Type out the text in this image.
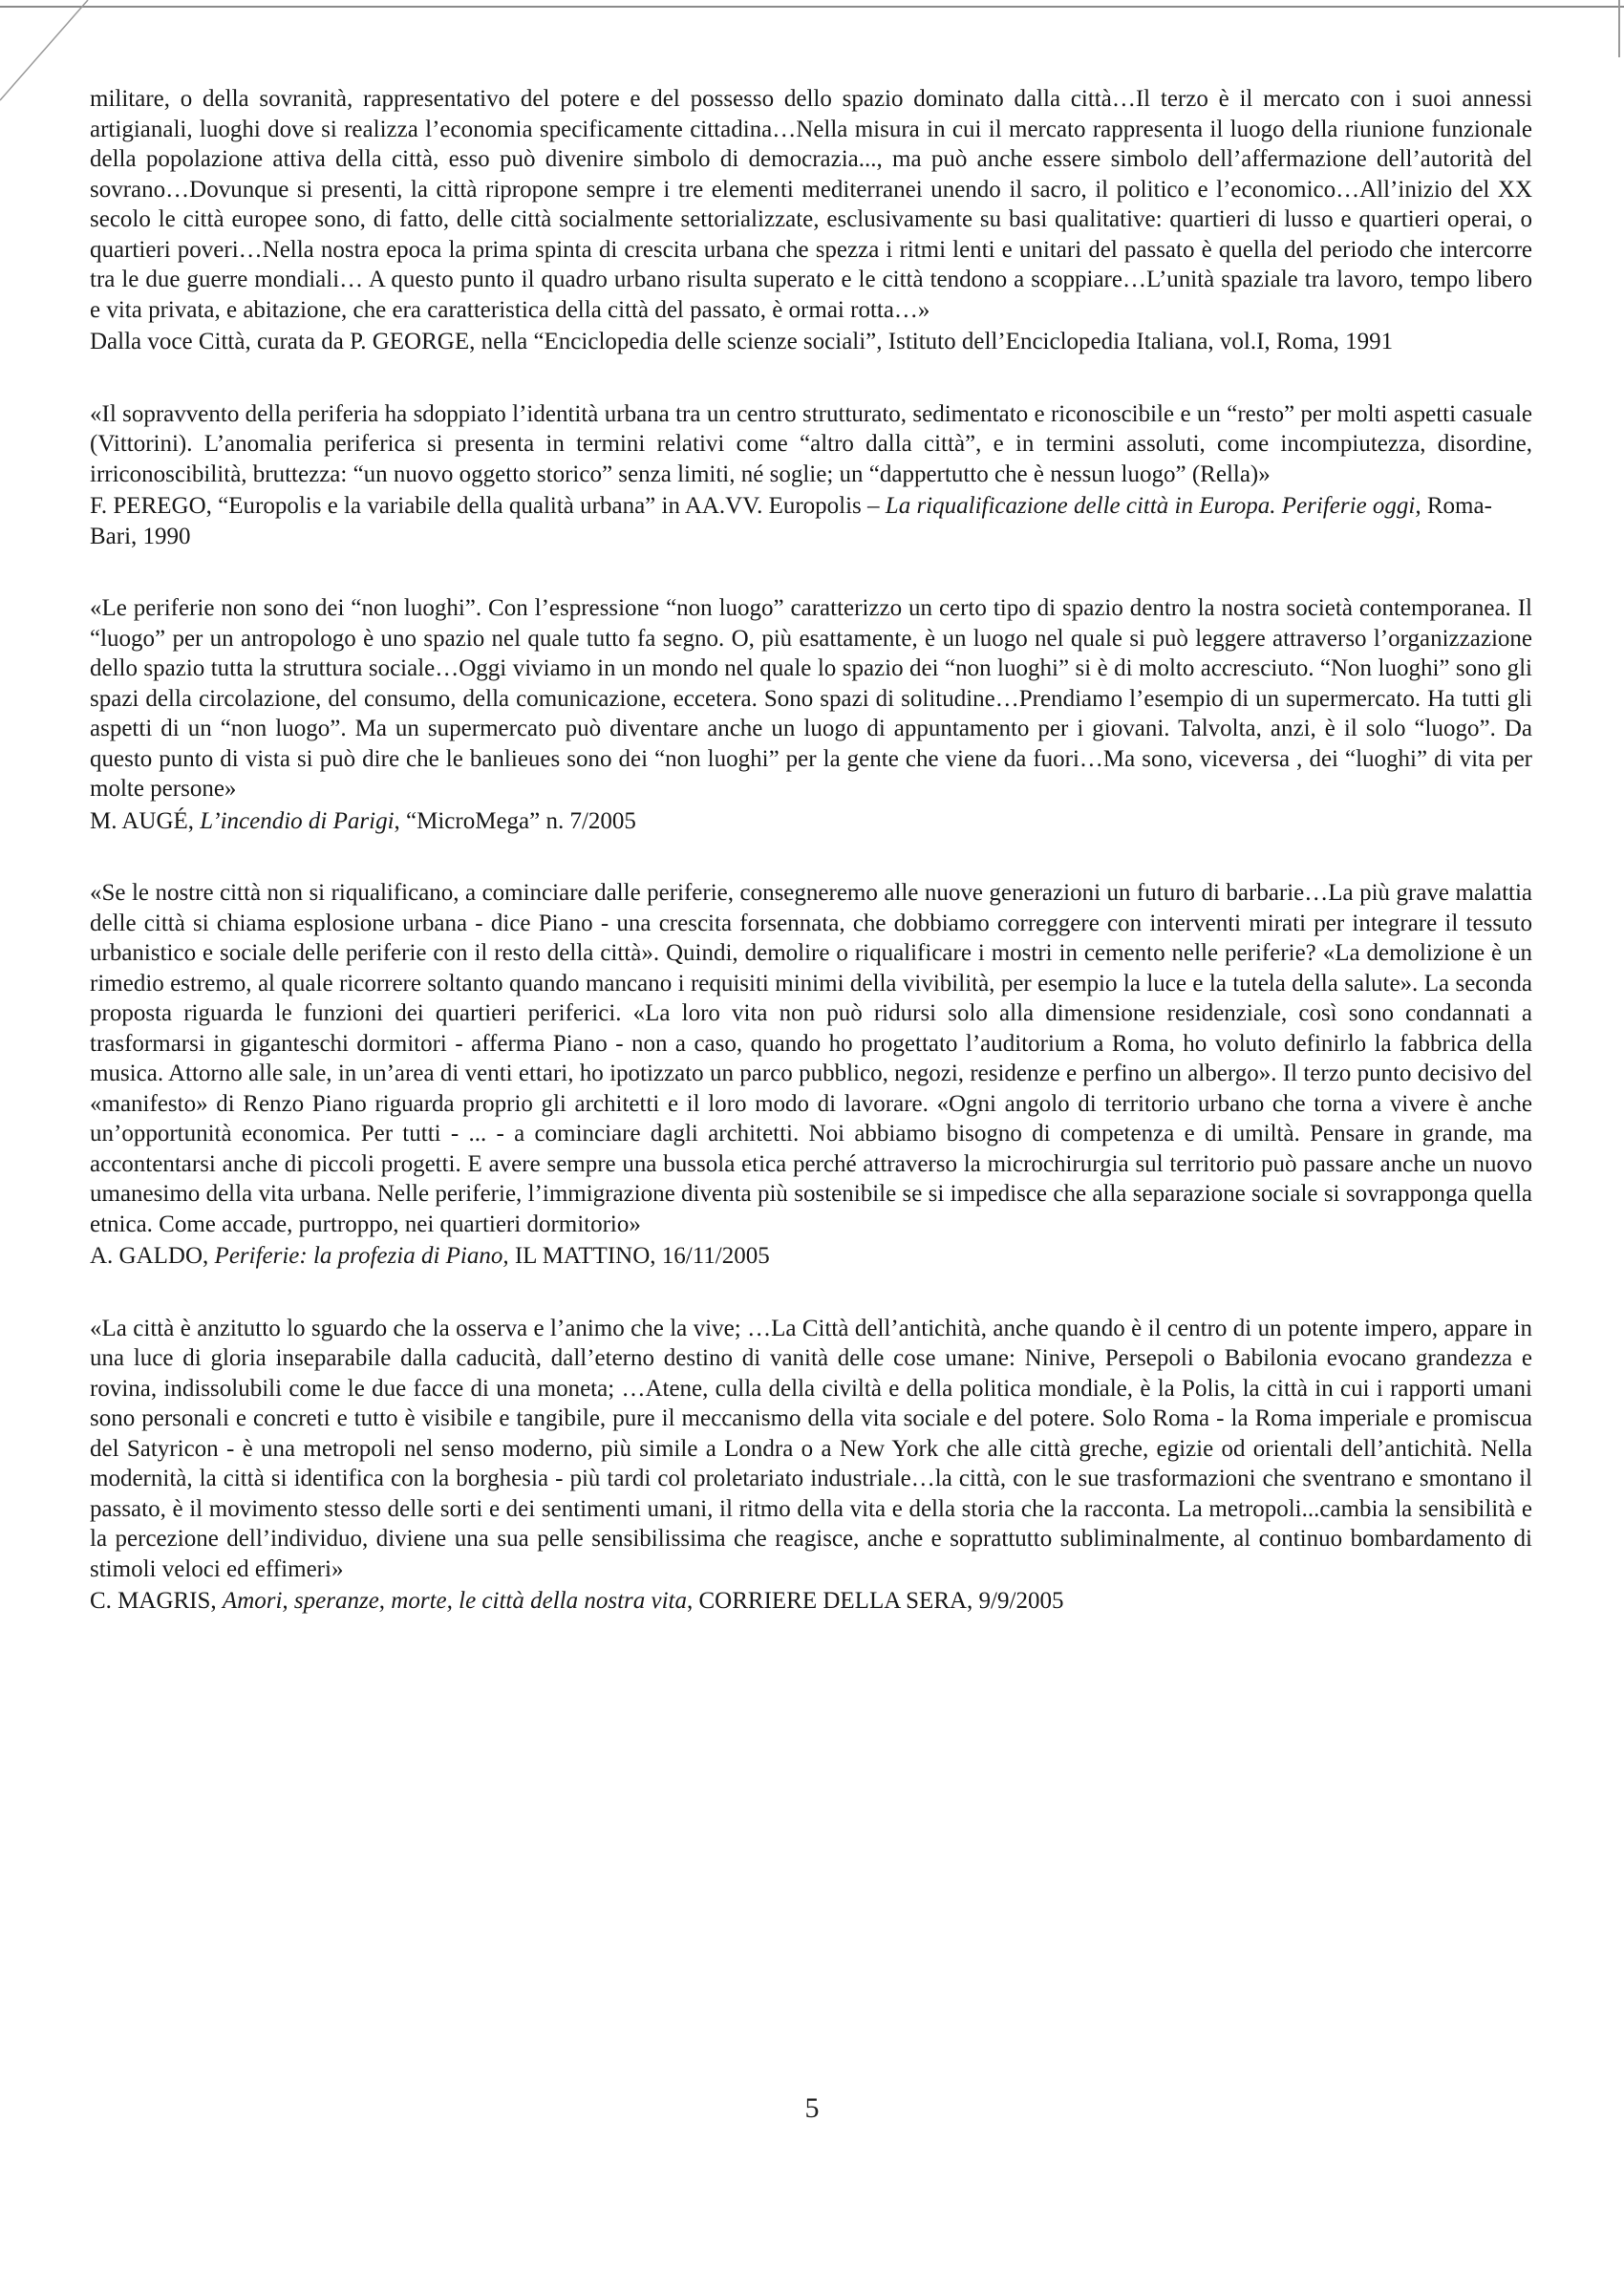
militare, o della sovranità, rappresentativo del potere e del possesso dello spazio dominato dalla città…Il terzo è il mercato con i suoi annessi artigianali, luoghi dove si realizza l’economia specificamente cittadina…Nella misura in cui il mercato rappresenta il luogo della riunione funzionale della popolazione attiva della città, esso può divenire simbolo di democrazia..., ma può anche essere simbolo dell’affermazione dell’autorità del sovrano…Dovunque si presenti, la città ripropone sempre i tre elementi mediterranei unendo il sacro, il politico e l’economico…All’inizio del XX secolo le città europee sono, di fatto, delle città socialmente settorializzate, esclusivamente su basi qualitative: quartieri di lusso e quartieri operai, o quartieri poveri…Nella nostra epoca la prima spinta di crescita urbana che spezza i ritmi lenti e unitari del passato è quella del periodo che intercorre tra le due guerre mondiali… A questo punto il quadro urbano risulta superato e le città tendono a scoppiare…L’unità spaziale tra lavoro, tempo libero e vita privata, e abitazione, che era caratteristica della città del passato, è ormai rotta…»

Dalla voce Città, curata da P. GEORGE, nella “Enciclopedia delle scienze sociali”, Istituto dell’Enciclopedia Italiana, vol.I, Roma, 1991

«Il sopravvento della periferia ha sdoppiato l’identità urbana tra un centro strutturato, sedimentato e riconoscibile e un “resto” per molti aspetti casuale (Vittorini). L’anomalia periferica si presenta in termini relativi come “altro dalla città”, e in termini assoluti, come incompiutezza, disordine, irriconoscibilità, bruttezza: “un nuovo oggetto storico” senza limiti, né soglie; un “dappertutto che è nessun luogo” (Rella)»

F. PEREGO, “Europolis e la variabile della qualità urbana” in AA.VV. Europolis – La riqualificazione delle città in Europa. Periferie oggi, Roma-Bari, 1990

«Le periferie non sono dei “non luoghi”. Con l’espressione “non luogo” caratterizzo un certo tipo di spazio dentro la nostra società contemporanea. Il “luogo” per un antropologo è uno spazio nel quale tutto fa segno. O, più esattamente, è un luogo nel quale si può leggere attraverso l’organizzazione dello spazio tutta la struttura sociale…Oggi viviamo in un mondo nel quale lo spazio dei “non luoghi” si è di molto accresciuto. “Non luoghi” sono gli spazi della circolazione, del consumo, della comunicazione, eccetera. Sono spazi di solitudine…Prendiamo l’esempio di un supermercato. Ha tutti gli aspetti di un “non luogo”. Ma un supermercato può diventare anche un luogo di appuntamento per i giovani. Talvolta, anzi, è il solo “luogo”. Da questo punto di vista si può dire che le banlieues sono dei “non luoghi” per la gente che viene da fuori…Ma sono, viceversa , dei “luoghi” di vita per molte persone»

M. AUGÉ, L’incendio di Parigi, “MicroMega” n. 7/2005

«Se le nostre città non si riqualificano, a cominciare dalle periferie, consegneremo alle nuove generazioni un futuro di barbarie…La più grave malattia delle città si chiama esplosione urbana - dice Piano - una crescita forsennata, che dobbiamo correggere con interventi mirati per integrare il tessuto urbanistico e sociale delle periferie con il resto della città». Quindi, demolire o riqualificare i mostri in cemento nelle periferie? «La demolizione è un rimedio estremo, al quale ricorrere soltanto quando mancano i requisiti minimi della vivibilità, per esempio la luce e la tutela della salute». La seconda proposta riguarda le funzioni dei quartieri periferici. «La loro vita non può ridursi solo alla dimensione residenziale, così sono condannati a trasformarsi in giganteschi dormitori - afferma Piano - non a caso, quando ho progettato l’auditorium a Roma, ho voluto definirlo la fabbrica della musica. Attorno alle sale, in un’area di venti ettari, ho ipotizzato un parco pubblico, negozi, residenze e perfino un albergo». Il terzo punto decisivo del «manifesto» di Renzo Piano riguarda proprio gli architetti e il loro modo di lavorare. «Ogni angolo di territorio urbano che torna a vivere è anche un’opportunità economica. Per tutti - ... - a cominciare dagli architetti. Noi abbiamo bisogno di competenza e di umiltà. Pensare in grande, ma accontentarsi anche di piccoli progetti. E avere sempre una bussola etica perché attraverso la microchirurgia sul territorio può passare anche un nuovo umanesimo della vita urbana. Nelle periferie, l’immigrazione diventa più sostenibile se si impedisce che alla separazione sociale si sovrapponga quella etnica. Come accade, purtroppo, nei quartieri dormitorio»

A. GALDO, Periferie: la profezia di Piano, IL MATTINO, 16/11/2005

«La città è anzitutto lo sguardo che la osserva e l’animo che la vive; …La Città dell’antichità, anche quando è il centro di un potente impero, appare in una luce di gloria inseparabile dalla caducità, dall’eterno destino di vanità delle cose umane: Ninive, Persepoli o Babilonia evocano grandezza e rovina, indissolubili come le due facce di una moneta; …Atene, culla della civiltà e della politica mondiale, è la Polis, la città in cui i rapporti umani sono personali e concreti e tutto è visibile e tangibile, pure il meccanismo della vita sociale e del potere. Solo Roma - la Roma imperiale e promiscua del Satyricon - è una metropoli nel senso moderno, più simile a Londra o a New York che alle città greche, egizie od orientali dell’antichità. Nella modernità, la città si identifica con la borghesia - più tardi col proletariato industriale…la città, con le sue trasformazioni che sventrano e smontano il passato, è il movimento stesso delle sorti e dei sentimenti umani, il ritmo della vita e della storia che la racconta. La metropoli...cambia la sensibilità e la percezione dell’individuo, diviene una sua pelle sensibilissima che reagisce, anche e soprattutto subliminalmente, al continuo bombardamento di stimoli veloci ed effimeri»

C. MAGRIS, Amori, speranze, morte, le città della nostra vita, CORRIERE DELLA SERA, 9/9/2005

5
